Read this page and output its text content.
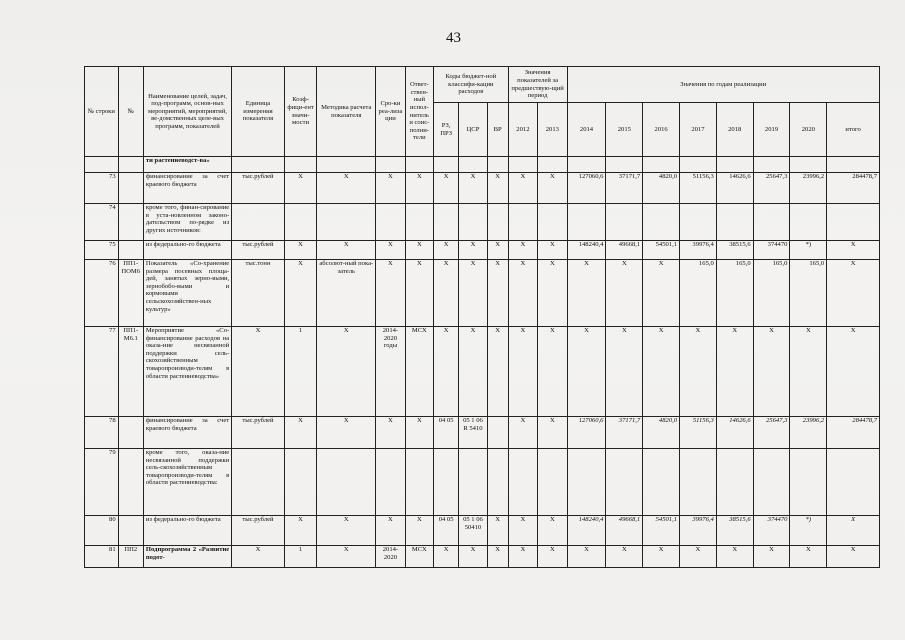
43
№ строки	№	Наименование целей, задач, под-программ, основ-ных мероприятий, мероприятий, ве-домственных целе-вых программ, показателей	Единица измерения показателя	Коэф-фици-ент значи-мости	Методика расчета показателя	Сро-ки реа-лиза ции	Ответ-ствен-ный испол-нитель и соис-полни-тели	Коды бюджет-ной классифи-кации расходов			Значения показателей за предшествую-щий период		Значения по годам реализации							
								РЗ, ПРЗ	ЦСР	ВР	2012	2013	2014	2015	2016	2017	2018	2019	2020	итого
		ти растениеводст-ва»																		
73		финансирование за счет краевого бюджета	тыс.рублей	X	X	X	X	X	X	X	X	X	127060,6	37171,7	4820,0	51156,3	14626,6	25647,3	23996,2	284478,7
74		кроме того, финан-сирование в уста-новленном законо-дательством по-рядке из других источников:																		
75		из федерально-го бюджета	тыс.рублей	X	X	X	X	X	X	X	X	X	148240,4	49668,1	54501,1	39976,4	38515,6	374470	*)	X
76	ПП1-ПОМ6	Показатель «Со-хранение размера посевных площа-дей, занятых зерно-выми, зернобобо-выми и кормовыми сельскохозяйствен-ных культур»	тыс.тонн	X	абсолют-ный пока-затель	X	X	X	X	X	X	X	X	X	X	165,0	165,0	165,0	165,0	X
77	ПП1-М6.1	Мероприятие «Со-финансирование расходов на оказа-ние несвязанной поддержки сель-скохозяйственным товаропроизводи-телям в области растениеводства»	X	1	X	2014-2020 годы	МСХ	X	X	X	X	X	X	X	X	X	X	X	X	X
78		финансирование за счет краевого бюджета	тыс.рублей	X	X	X	X	04 05	05 1 06 R 5410		X	X	127060,6	37171,7	4820,0	51156,3	14626,6	25647,3	23996,2	284478,7
79		кроме того, оказа-ние несвязанной поддержки сель-скохозяйственным товаропроизводи-телям в области растениеводства:																		
80		из федерально-го бюджета	тыс.рублей	X	X	X	X	04 05	05 1 06 50410	X	X	X	148240,4	49668,1	54501,1	39976,4	38515,6	374470	*)	X
81	ПП2	Подпрограмма 2 «Развитие подот-	X	1	X	2014-2020	МСХ	X	X	X	X	X	X	X	X	X	X	X	X	X
